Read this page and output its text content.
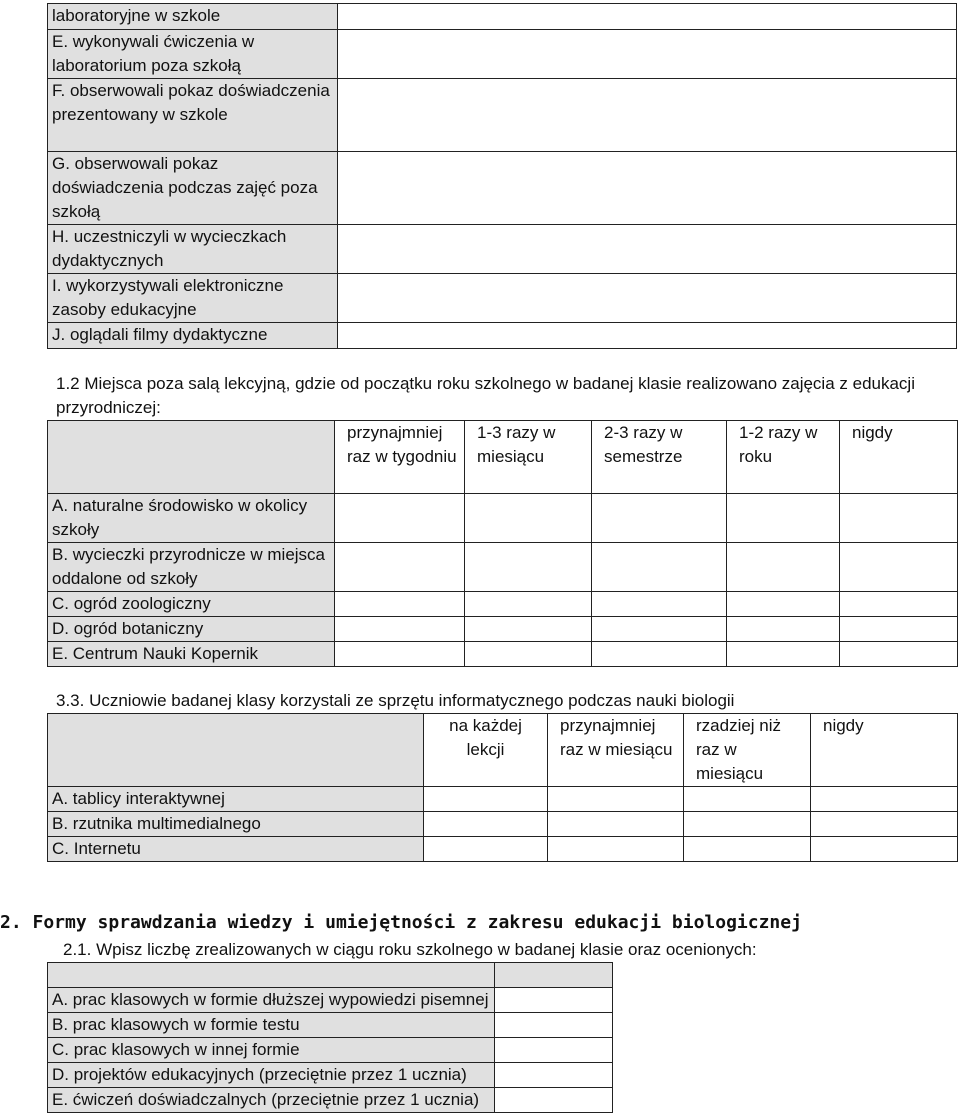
laboratoryjne w szkole	
E. wykonywali ćwiczenia w laboratorium poza szkołą	
F. obserwowali pokaz doświadczenia prezentowany w szkole	
G. obserwowali pokaz doświadczenia podczas zajęć poza szkołą	
H. uczestniczyli w wycieczkach dydaktycznych	
I. wykorzystywali elektroniczne zasoby edukacyjne	
J. oglądali filmy dydaktyczne	

1.2 Miejsca poza salą lekcyjną, gdzie od początku roku szkolnego w badanej klasie realizowano zajęcia z edukacji przyrodniczej:

	przynajmniej raz w tygodniu	1-3 razy w miesiącu	2-3 razy w semestrze	1-2 razy w roku	nigdy
A. naturalne środowisko w okolicy szkoły					
B. wycieczki przyrodnicze w miejsca oddalone od szkoły					
C. ogród zoologiczny					
D. ogród botaniczny					
E. Centrum Nauki Kopernik					

3.3. Uczniowie badanej klasy korzystali ze sprzętu informatycznego podczas nauki biologii

	na każdej lekcji	przynajmniej raz w miesiącu	rzadziej niż raz w miesiącu	nigdy
A. tablicy interaktywnej				
B. rzutnika multimedialnego				
C. Internetu				

2. Formy sprawdzania wiedzy i umiejętności z zakresu edukacji biologicznej

2.1. Wpisz liczbę zrealizowanych w ciągu roku szkolnego w badanej klasie oraz ocenionych:

A. prac klasowych w formie dłuższej wypowiedzi pisemnej	
B. prac klasowych w formie testu	
C. prac klasowych w innej formie	
D. projektów edukacyjnych (przeciętnie przez 1 ucznia)	
E. ćwiczeń doświadczalnych (przeciętnie przez 1 ucznia)	
